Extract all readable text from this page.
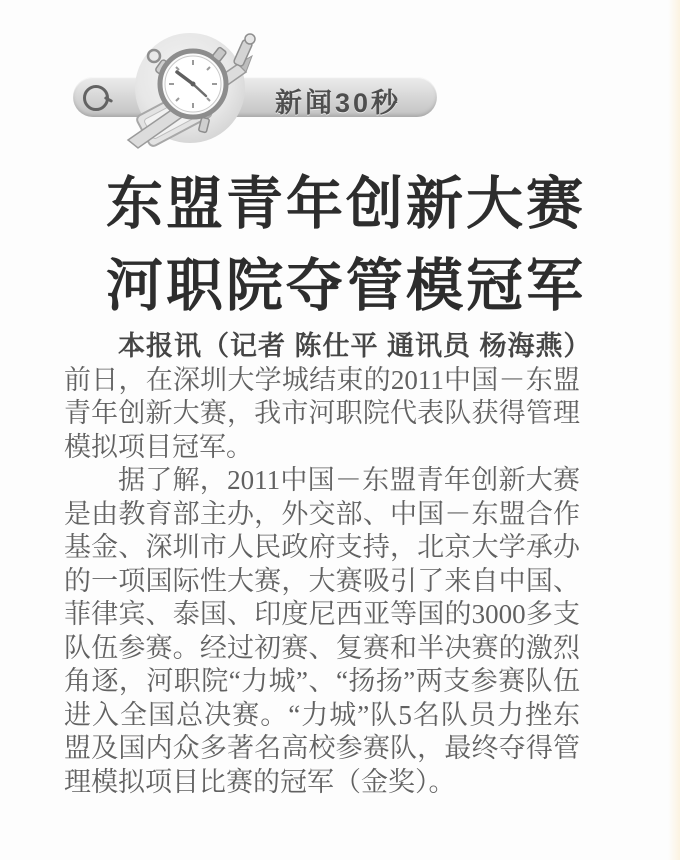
新闻30秒
东盟青年创新大赛
河职院夺管模冠军

本报讯（记者 陈仕平 通讯员 杨海燕）前日，在深圳大学城结束的2011中国－东盟青年创新大赛，我市河职院代表队获得管理模拟项目冠军。

据了解，2011中国－东盟青年创新大赛是由教育部主办，外交部、中国－东盟合作基金、深圳市人民政府支持，北京大学承办的一项国际性大赛，大赛吸引了来自中国、菲律宾、泰国、印度尼西亚等国的3000多支队伍参赛。经过初赛、复赛和半决赛的激烈角逐，河职院“力城”、“扬扬”两支参赛队伍进入全国总决赛。“力城”队5名队员力挫东盟及国内众多著名高校参赛队，最终夺得管理模拟项目比赛的冠军（金奖）。
